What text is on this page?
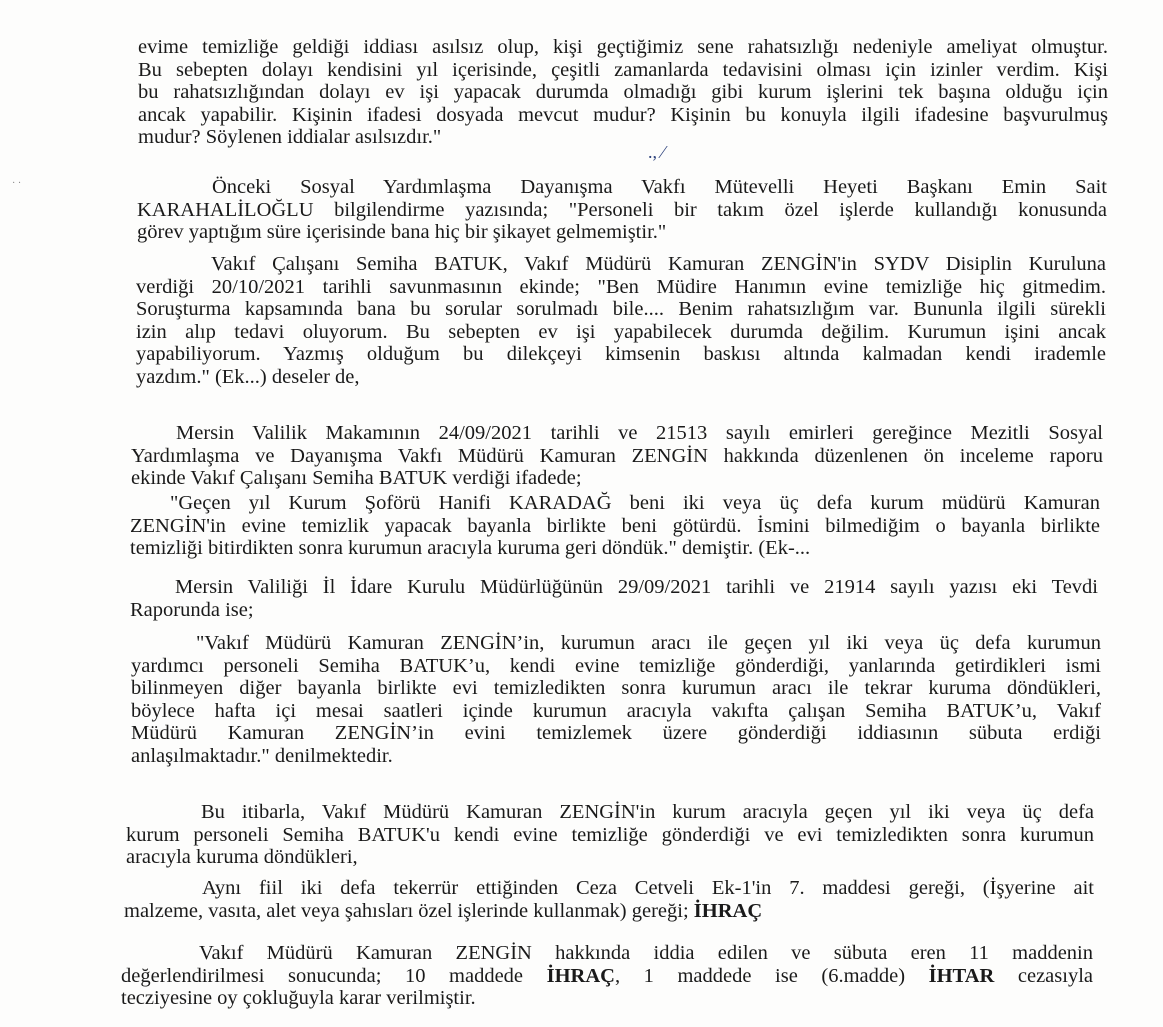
· ·
., ⁄
evime temizliğe geldiği iddiası asılsız olup, kişi geçtiğimiz sene rahatsızlığı nedeniyle ameliyat olmuştur.
Bu sebepten dolayı kendisini yıl içerisinde, çeşitli zamanlarda tedavisini olması için izinler verdim. Kişi
bu rahatsızlığından dolayı ev işi yapacak durumda olmadığı gibi kurum işlerini tek başına olduğu için
ancak yapabilir. Kişinin ifadesi dosyada mevcut mudur? Kişinin bu konuyla ilgili ifadesine başvurulmuş
mudur? Söylenen iddialar asılsızdır."
Önceki Sosyal Yardımlaşma Dayanışma Vakfı Mütevelli Heyeti Başkanı Emin Sait
KARAHALİLOĞLU bilgilendirme yazısında; "Personeli bir takım özel işlerde kullandığı konusunda
görev yaptığım süre içerisinde bana hiç bir şikayet gelmemiştir."
Vakıf Çalışanı Semiha BATUK, Vakıf Müdürü Kamuran ZENGİN'in SYDV Disiplin Kuruluna
verdiği 20/10/2021 tarihli savunmasının ekinde; "Ben Müdire Hanımın evine temizliğe hiç gitmedim.
Soruşturma kapsamında bana bu sorular sorulmadı bile.... Benim rahatsızlığım var. Bununla ilgili sürekli
izin alıp tedavi oluyorum. Bu sebepten ev işi yapabilecek durumda değilim. Kurumun işini ancak
yapabiliyorum. Yazmış olduğum bu dilekçeyi kimsenin baskısı altında kalmadan kendi irademle
yazdım." (Ek...) deseler de,
Mersin Valilik Makamının 24/09/2021 tarihli ve 21513 sayılı emirleri gereğince Mezitli Sosyal
Yardımlaşma ve Dayanışma Vakfı Müdürü Kamuran ZENGİN hakkında düzenlenen ön inceleme raporu
ekinde Vakıf Çalışanı Semiha BATUK verdiği ifadede;
"Geçen yıl Kurum Şoförü Hanifi KARADAĞ beni iki veya üç defa kurum müdürü Kamuran
ZENGİN'in evine temizlik yapacak bayanla birlikte beni götürdü. İsmini bilmediğim o bayanla birlikte
temizliği bitirdikten sonra kurumun aracıyla kuruma geri döndük." demiştir. (Ek-...
Mersin Valiliği İl İdare Kurulu Müdürlüğünün 29/09/2021 tarihli ve 21914 sayılı yazısı eki Tevdi
Raporunda ise;
"Vakıf Müdürü Kamuran ZENGİN’in, kurumun aracı ile geçen yıl iki veya üç defa kurumun
yardımcı personeli Semiha BATUK’u, kendi evine temizliğe gönderdiği, yanlarında getirdikleri ismi
bilinmeyen diğer bayanla birlikte evi temizledikten sonra kurumun aracı ile tekrar kuruma döndükleri,
böylece hafta içi mesai saatleri içinde kurumun aracıyla vakıfta çalışan Semiha BATUK’u, Vakıf
Müdürü Kamuran ZENGİN’in evini temizlemek üzere gönderdiği iddiasının sübuta erdiği
anlaşılmaktadır." denilmektedir.
Bu itibarla, Vakıf Müdürü Kamuran ZENGİN'in kurum aracıyla geçen yıl iki veya üç defa
kurum personeli Semiha BATUK'u kendi evine temizliğe gönderdiği ve evi temizledikten sonra kurumun
aracıyla kuruma döndükleri,
Aynı fiil iki defa tekerrür ettiğinden Ceza Cetveli Ek-1'in 7. maddesi gereği, (İşyerine ait
malzeme, vasıta, alet veya şahısları özel işlerinde kullanmak) gereği; İHRAÇ
Vakıf Müdürü Kamuran ZENGİN hakkında iddia edilen ve sübuta eren 11 maddenin
değerlendirilmesi sonucunda; 10 maddede İHRAÇ, 1 maddede ise (6.madde) İHTAR cezasıyla
tecziyesine oy çokluğuyla karar verilmiştir.
